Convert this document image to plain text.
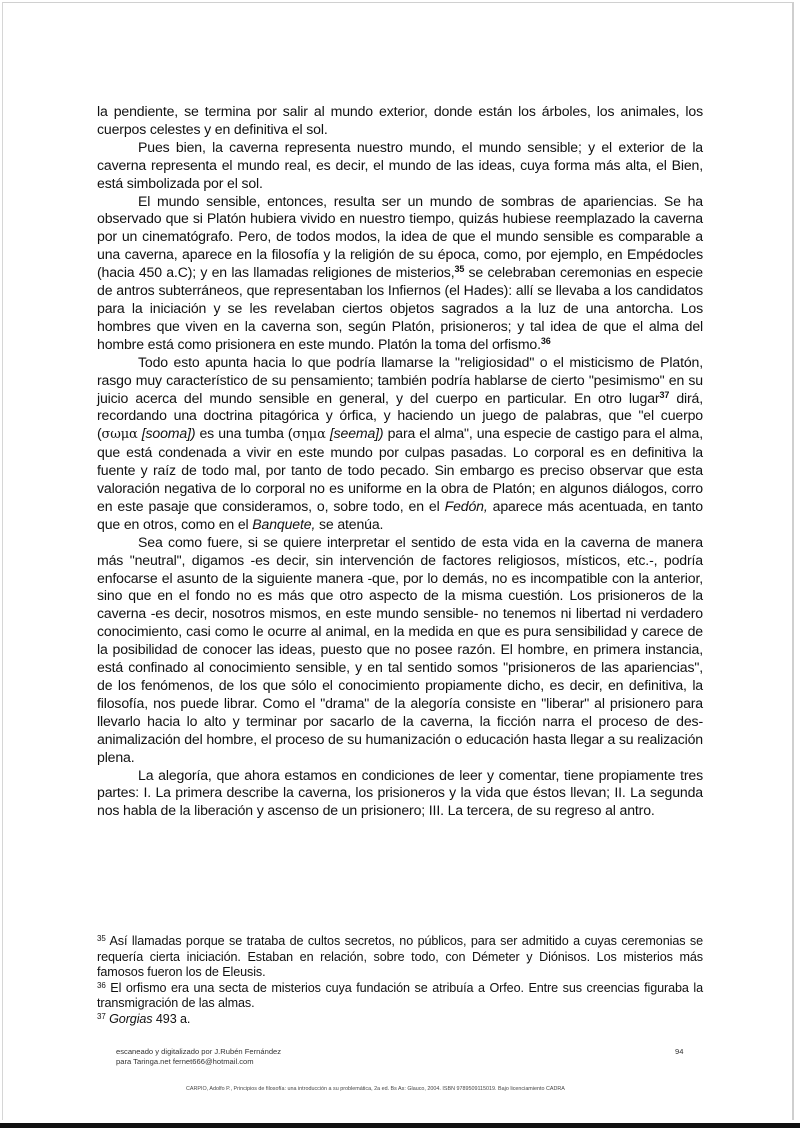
la pendiente, se termina por salir al mundo exterior, donde están los árboles, los animales, los cuerpos celestes y en definitiva el sol.

Pues bien, la caverna representa nuestro mundo, el mundo sensible; y el exterior de la caverna representa el mundo real, es decir, el mundo de las ideas, cuya forma más alta, el Bien, está simbolizada por el sol.

El mundo sensible, entonces, resulta ser un mundo de sombras de apariencias. Se ha observado que si Platón hubiera vivido en nuestro tiempo, quizás hubiese reemplazado la caverna por un cinematógrafo. Pero, de todos modos, la idea de que el mundo sensible es comparable a una caverna, aparece en la filosofía y la religión de su época, como, por ejemplo, en Empédocles (hacia 450 a.C); y en las llamadas religiones de misterios,$^{35}$ se celebraban ceremonias en especie de antros subterráneos, que representaban los Infiernos (el Hades): allí se llevaba a los candidatos para la iniciación y se les revelaban ciertos objetos sagrados a la luz de una antorcha. Los hombres que viven en la caverna son, según Platón, prisioneros; y tal idea de que el alma del hombre está como prisionera en este mundo. Platón la toma del orfismo.$^{36}$

Todo esto apunta hacia lo que podría llamarse la "religiosidad" o el misticismo de Platón, rasgo muy característico de su pensamiento; también podría hablarse de cierto "pesimismo" en su juicio acerca del mundo sensible en general, y del cuerpo en particular. En otro lugar$^{37}$ dirá, recordando una doctrina pitagórica y órfica, y haciendo un juego de palabras, que "el cuerpo (σωμα [sooma]) es una tumba (σημα [seema]) para el alma", una especie de castigo para el alma, que está condenada a vivir en este mundo por culpas pasadas. Lo corporal es en definitiva la fuente y raíz de todo mal, por tanto de todo pecado. Sin embargo es preciso observar que esta valoración negativa de lo corporal no es uniforme en la obra de Platón; en algunos diálogos, corro en este pasaje que consideramos, o, sobre todo, en el Fedón, aparece más acentuada, en tanto que en otros, como en el Banquete, se atenúa.

Sea como fuere, si se quiere interpretar el sentido de esta vida en la caverna de manera más "neutral", digamos -es decir, sin intervención de factores religiosos, místicos, etc.-, podría enfocarse el asunto de la siguiente manera -que, por lo demás, no es incompatible con la anterior, sino que en el fondo no es más que otro aspecto de la misma cuestión. Los prisioneros de la caverna -es decir, nosotros mismos, en este mundo sensible- no tenemos ni libertad ni verdadero conocimiento, casi como le ocurre al animal, en la medida en que es pura sensibilidad y carece de la posibilidad de conocer las ideas, puesto que no posee razón. El hombre, en primera instancia, está confinado al conocimiento sensible, y en tal sentido somos "prisioneros de las apariencias", de los fenómenos, de los que sólo el conocimiento propiamente dicho, es decir, en definitiva, la filosofía, nos puede librar. Como el "drama" de la alegoría consiste en "liberar" al prisionero para llevarlo hacia lo alto y terminar por sacarlo de la caverna, la ficción narra el proceso de des-animalización del hombre, el proceso de su humanización o educación hasta llegar a su realización plena.

La alegoría, que ahora estamos en condiciones de leer y comentar, tiene propiamente tres partes: I. La primera describe la caverna, los prisioneros y la vida que éstos llevan; II. La segunda nos habla de la liberación y ascenso de un prisionero; III. La tercera, de su regreso al antro.

$^{35}$ Así llamadas porque se trataba de cultos secretos, no públicos, para ser admitido a cuyas ceremonias se requería cierta iniciación. Estaban en relación, sobre todo, con Démeter y Diónisos. Los misterios más famosos fueron los de Eleusis.

$^{36}$ El orfismo era una secta de misterios cuya fundación se atribuía a Orfeo. Entre sus creencias figuraba la transmigración de las almas.

$^{37}$ Gorgias 493 a.

escaneado y digitalizado por J.Rubén Fernández
para Taringa.net fernet666@hotmail.com
94
CARPIO, Adolfo P., Principios de filosofía: una introducción a su problemática, 2a ed. Bs As: Glauco, 2004. ISBN 9789509115019. Bajo licenciamiento CADRA
